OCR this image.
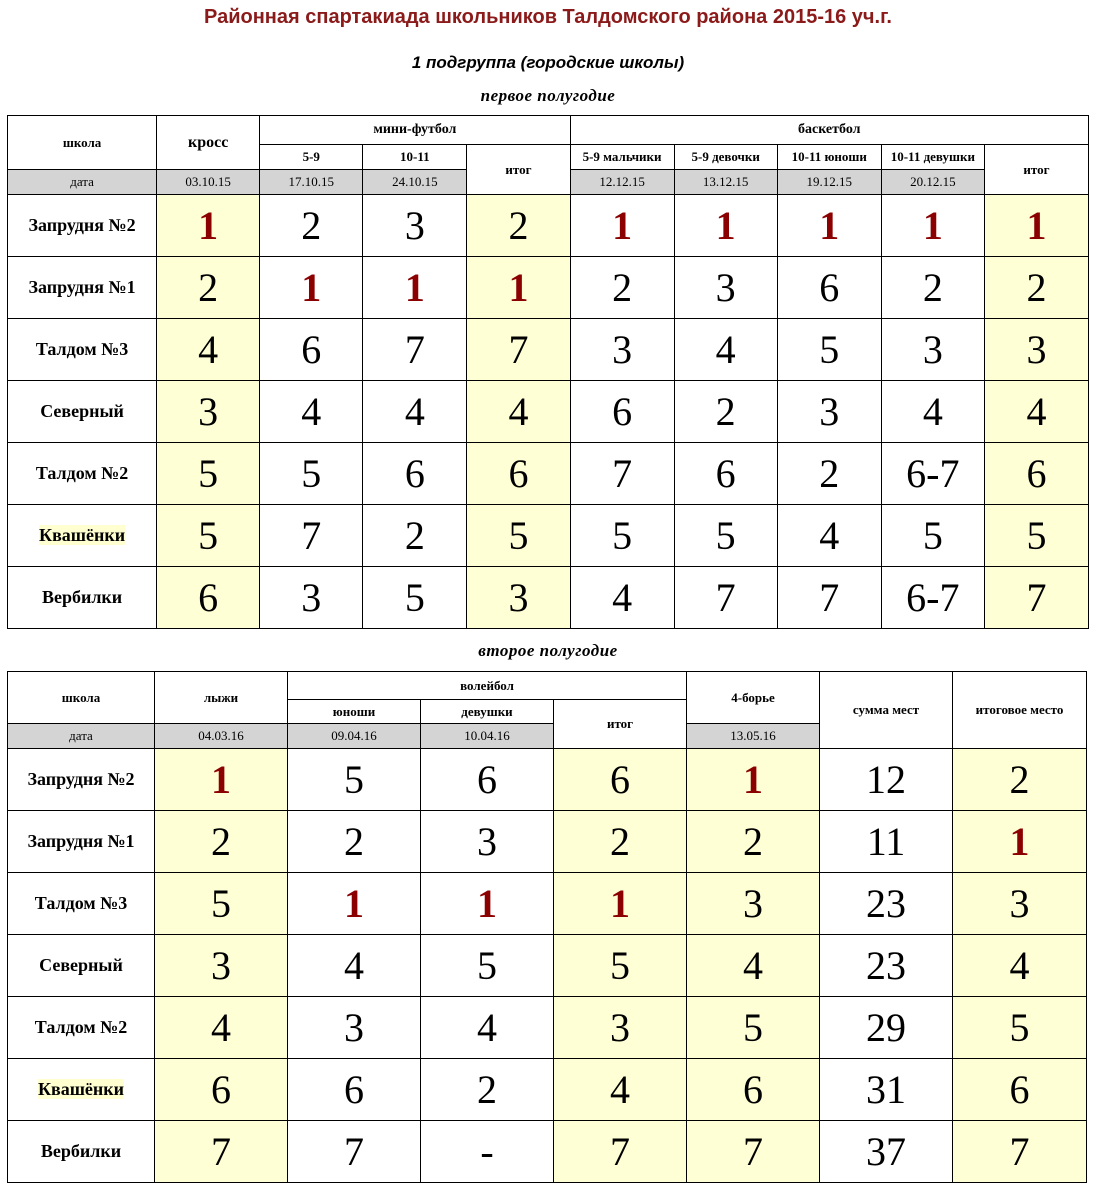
Районная спартакиада школьников Талдомского района 2015-16 уч.г.
1 подгруппа (городские школы)
первое полугодие
школа	кросс	мини-футбол			баскетбол				
		5-9	10-11	итог	5-9 мальчики	5-9 девочки	10-11 юноши	10-11 девушки	итог
дата	03.10.15	17.10.15	24.10.15		12.12.15	13.12.15	19.12.15	20.12.15	
Запрудня №2	1	2	3	2	1	1	1	1	1
Запрудня №1	2	1	1	1	2	3	6	2	2
Талдом №3	4	6	7	7	3	4	5	3	3
Северный	3	4	4	4	6	2	3	4	4
Талдом №2	5	5	6	6	7	6	2	6-7	6
Квашёнки	5	7	2	5	5	5	4	5	5
Вербилки	6	3	5	3	4	7	7	6-7	7
второе полугодие
школа	лыжи	волейбол			4-борье	сумма мест	итоговое место
		юноши	девушки	итог			
дата	04.03.16	09.04.16	10.04.16		13.05.16		
Запрудня №2	1	5	6	6	1	12	2
Запрудня №1	2	2	3	2	2	11	1
Талдом №3	5	1	1	1	3	23	3
Северный	3	4	5	5	4	23	4
Талдом №2	4	3	4	3	5	29	5
Квашёнки	6	6	2	4	6	31	6
Вербилки	7	7	-	7	7	37	7
